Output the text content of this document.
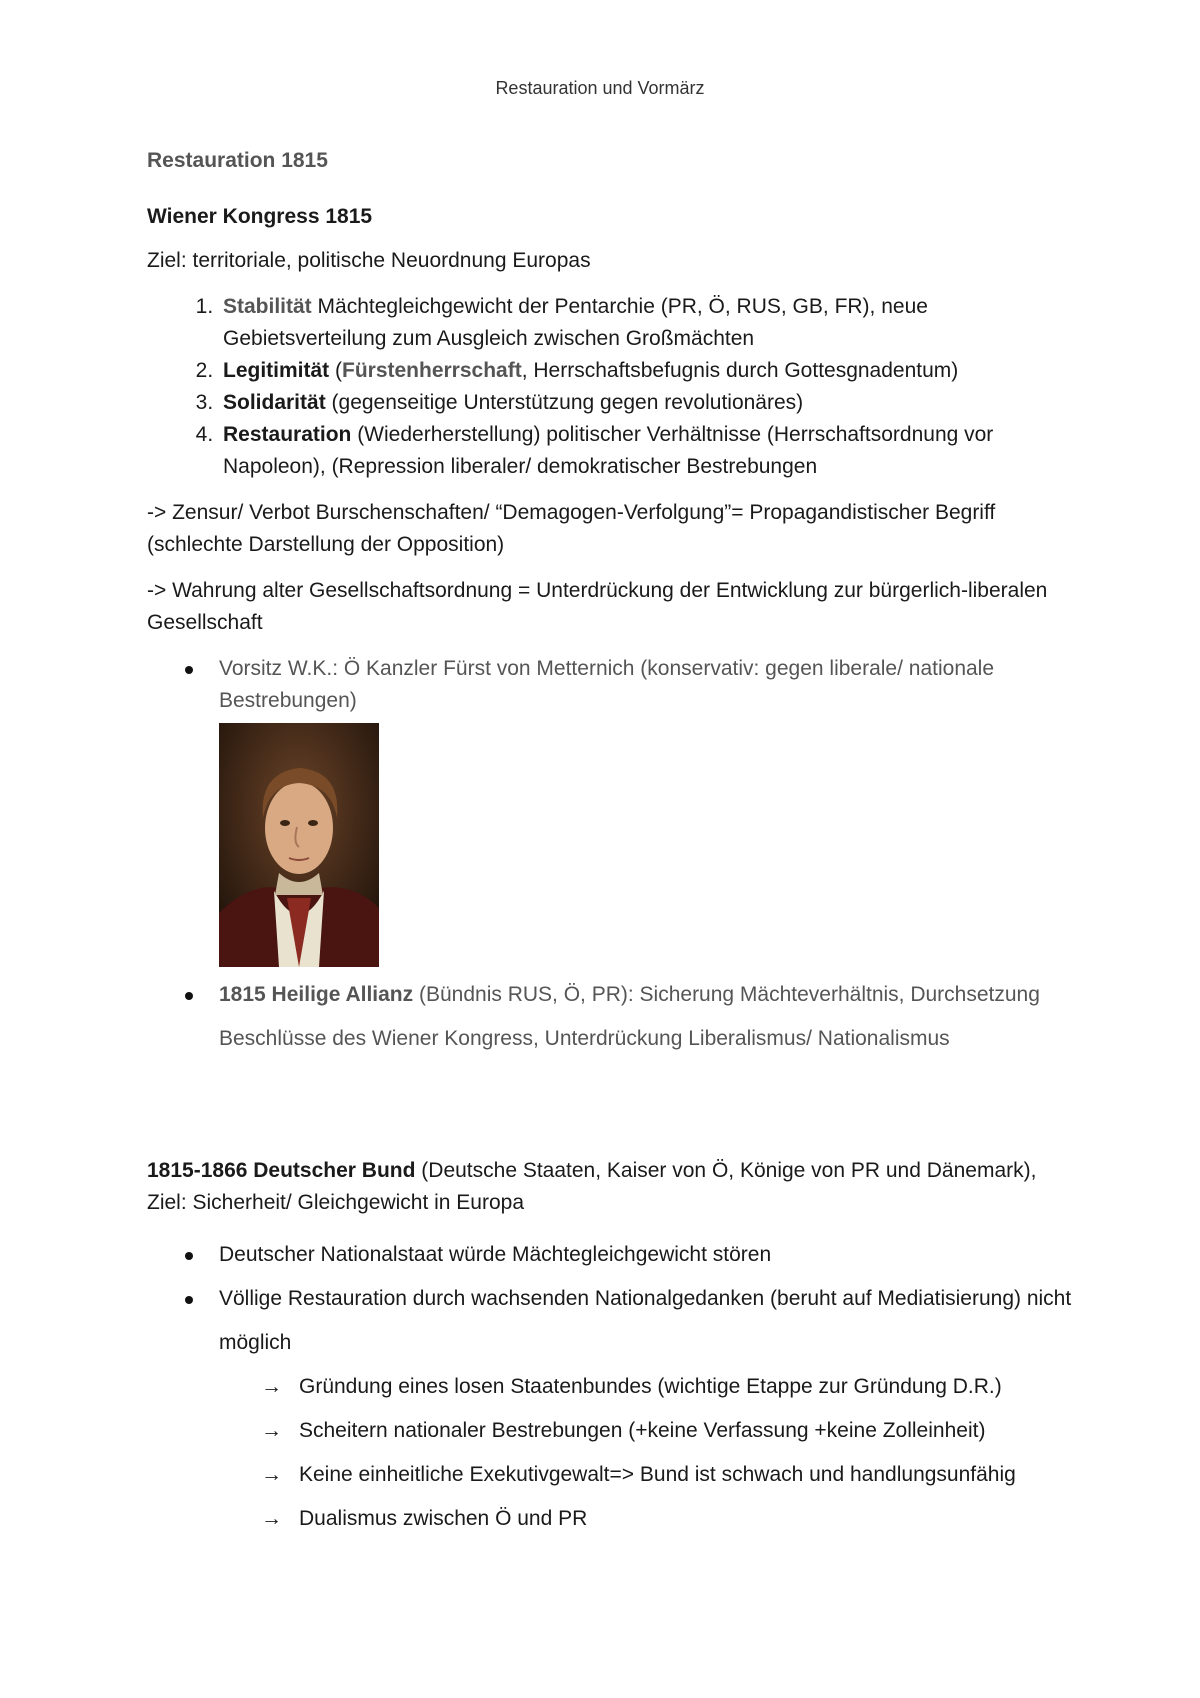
Restauration und Vormärz
Restauration 1815
Wiener Kongress 1815

Ziel: territoriale, politische Neuordnung Europas

1. Stabilität Mächtegleichgewicht der Pentarchie (PR, Ö, RUS, GB, FR), neue Gebietsverteilung zum Ausgleich zwischen Großmächten
2. Legitimität (Fürstenherrschaft, Herrschaftsbefugnis durch Gottesgnadentum)
3. Solidarität (gegenseitige Unterstützung gegen revolutionäres)
4. Restauration (Wiederherstellung) politischer Verhältnisse (Herrschaftsordnung vor Napoleon), (Repression liberaler/ demokratischer Bestrebungen

-> Zensur/ Verbot Burschenschaften/ “Demagogen-Verfolgung”= Propagandistischer Begriff (schlechte Darstellung der Opposition)

-> Wahrung alter Gesellschaftsordnung = Unterdrückung der Entwicklung zur bürgerlich-liberalen Gesellschaft

Vorsitz W.K.: Ö Kanzler Fürst von Metternich (konservativ: gegen liberale/ nationale Bestrebungen)
1815 Heilige Allianz (Bündnis RUS, Ö, PR): Sicherung Mächteverhältnis, Durchsetzung Beschlüsse des Wiener Kongress, Unterdrückung Liberalismus/ Nationalismus

1815-1866 Deutscher Bund (Deutsche Staaten, Kaiser von Ö, Könige von PR und Dänemark), Ziel: Sicherheit/ Gleichgewicht in Europa

Deutscher Nationalstaat würde Mächtegleichgewicht stören
Völlige Restauration durch wachsenden Nationalgedanken (beruht auf Mediatisierung) nicht möglich
→ Gründung eines losen Staatenbundes (wichtige Etappe zur Gründung D.R.)
→ Scheitern nationaler Bestrebungen (+keine Verfassung +keine Zolleinheit)
→ Keine einheitliche Exekutivgewalt=> Bund ist schwach und handlungsunfähig
→ Dualismus zwischen Ö und PR
